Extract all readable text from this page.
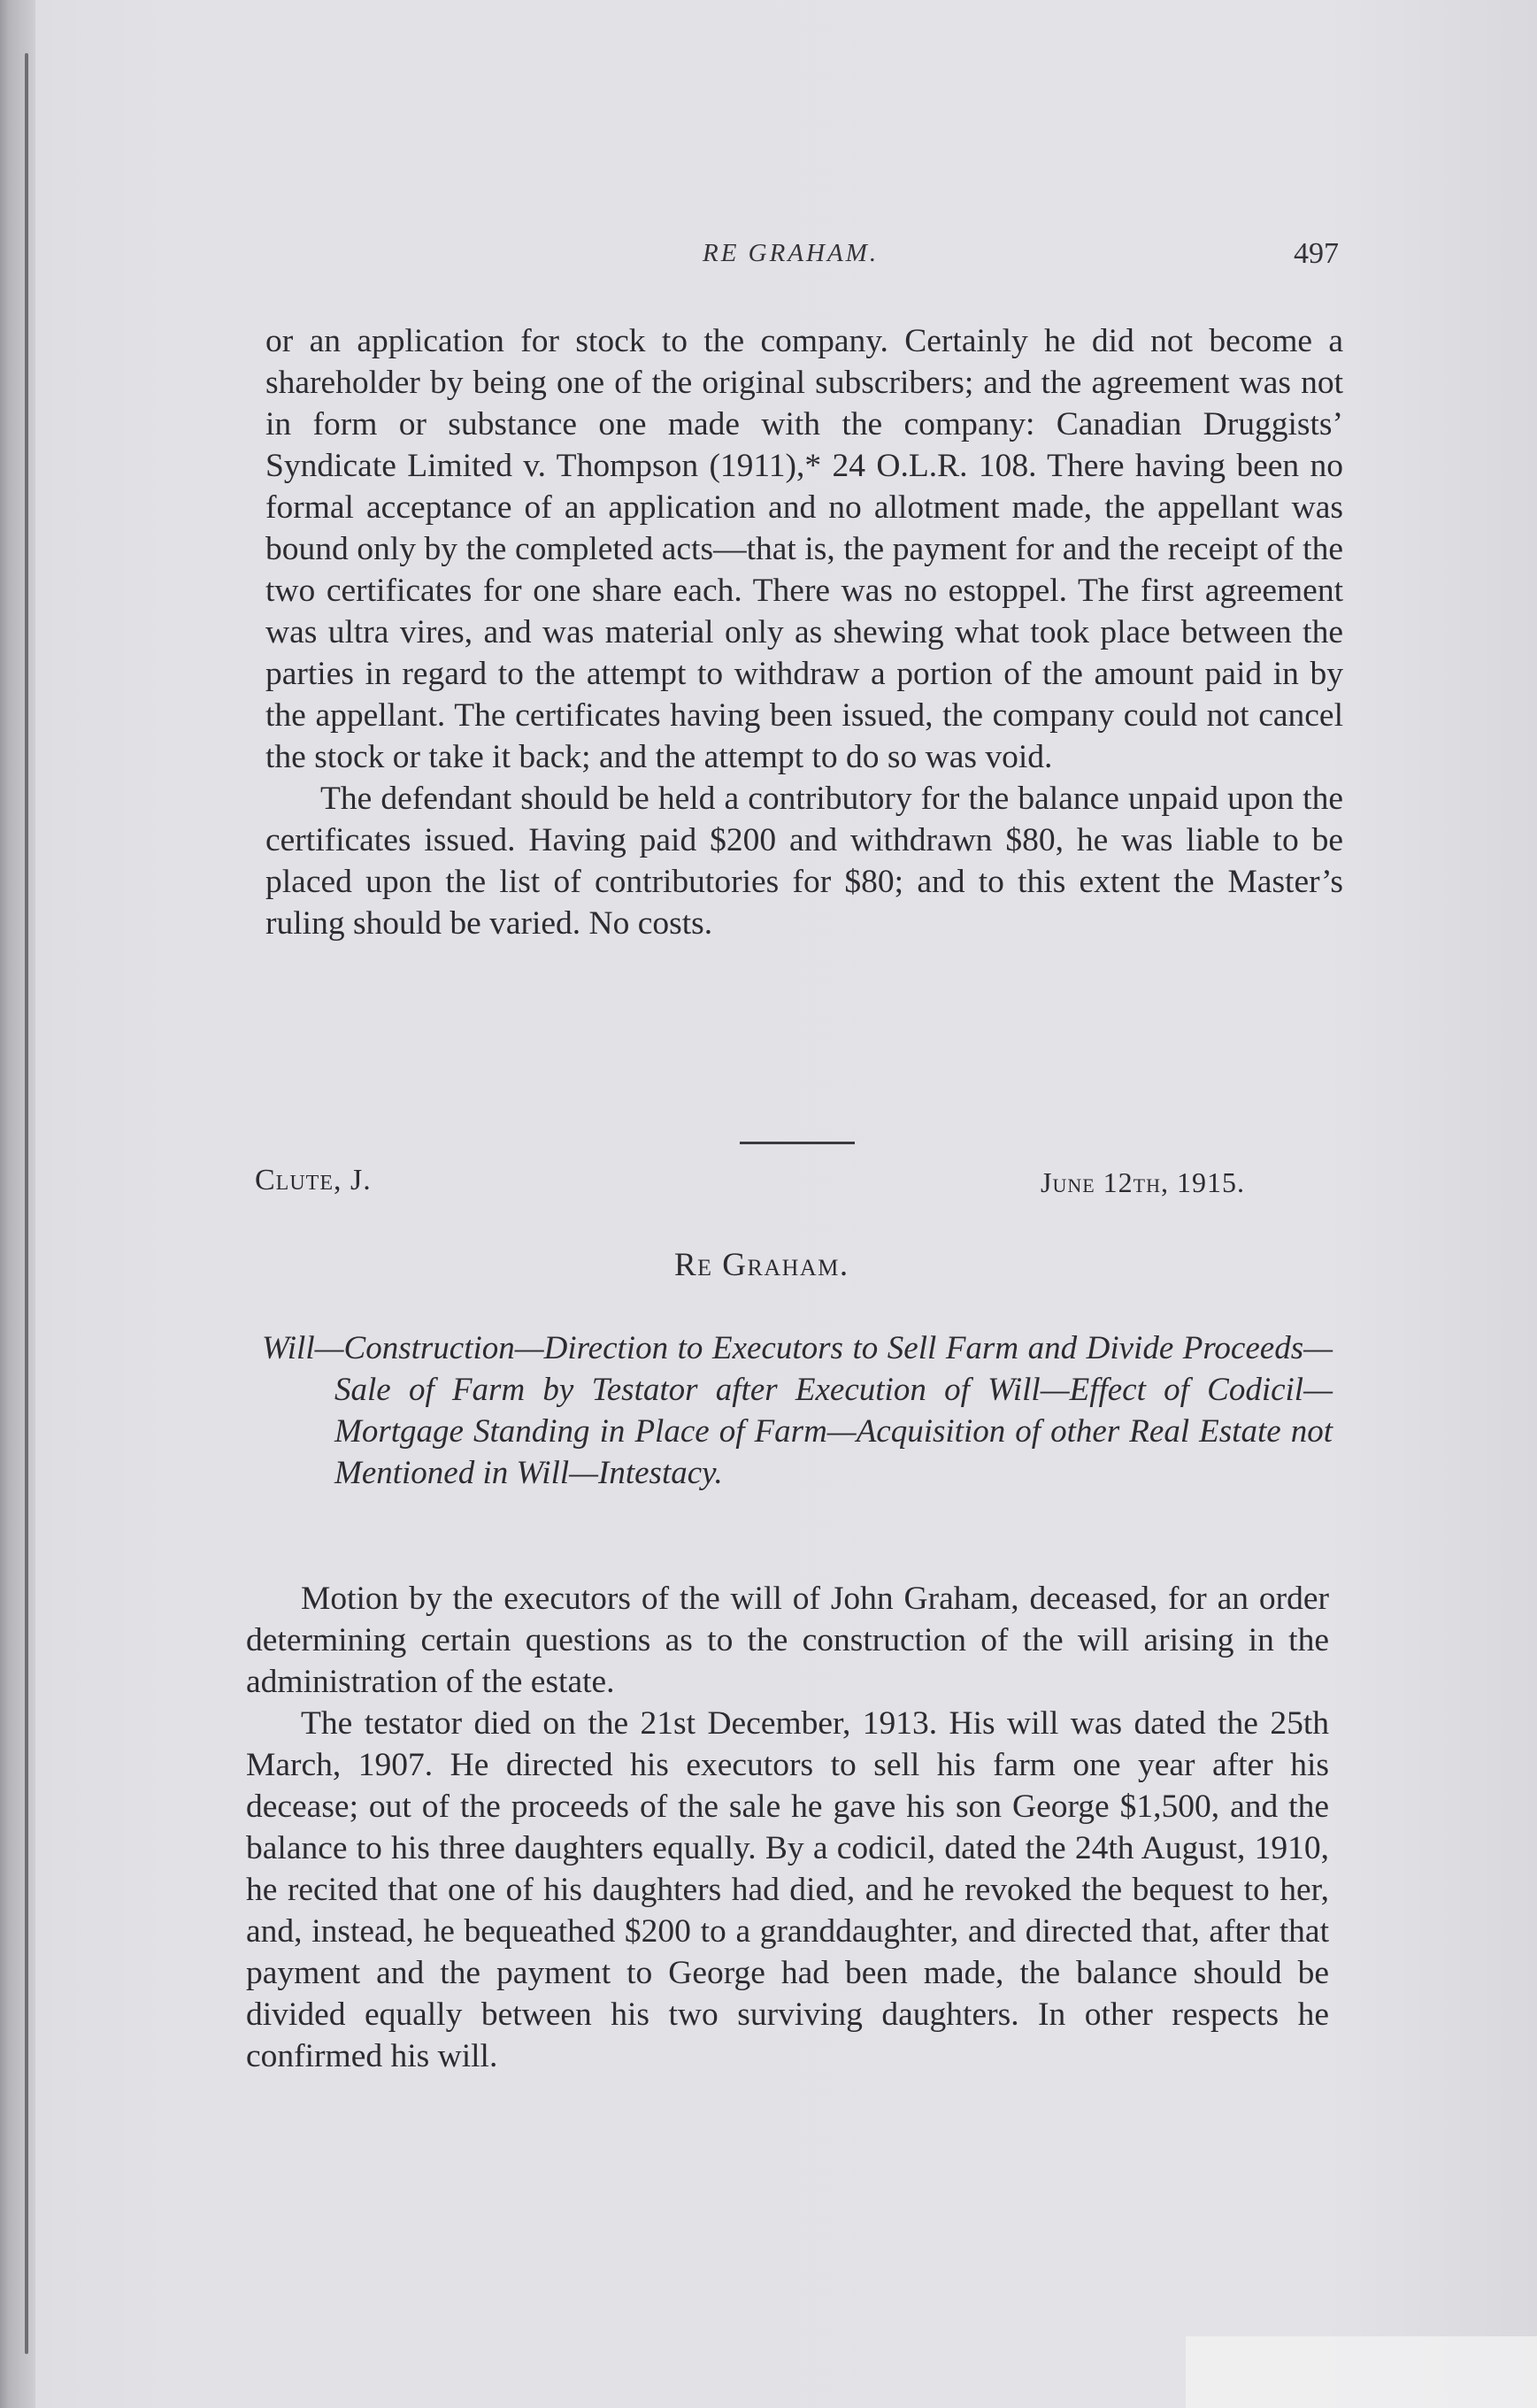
RE GRAHAM.	497

or an application for stock to the company. Certainly he did not become a shareholder by being one of the original subscribers; and the agreement was not in form or substance one made with the company: Canadian Druggists’ Syndicate Limited v. Thompson (1911),* 24 O.L.R. 108. There having been no formal acceptance of an application and no allotment made, the appellant was bound only by the completed acts—that is, the payment for and the receipt of the two certificates for one share each. There was no estoppel. The first agreement was ultra vires, and was material only as shewing what took place between the parties in regard to the attempt to withdraw a portion of the amount paid in by the appellant. The certificates having been issued, the company could not cancel the stock or take it back; and the attempt to do so was void.

The defendant should be held a contributory for the balance unpaid upon the certificates issued. Having paid $200 and withdrawn $80, he was liable to be placed upon the list of contributories for $80; and to this extent the Master’s ruling should be varied. No costs.

Clute, J.	June 12th, 1915.
Re Graham.
Will—Construction—Direction to Executors to Sell Farm and Divide Proceeds—Sale of Farm by Testator after Execution of Will—Effect of Codicil—Mortgage Standing in Place of Farm—Acquisition of other Real Estate not Mentioned in Will—Intestacy.

Motion by the executors of the will of John Graham, deceased, for an order determining certain questions as to the construction of the will arising in the administration of the estate.

The testator died on the 21st December, 1913. His will was dated the 25th March, 1907. He directed his executors to sell his farm one year after his decease; out of the proceeds of the sale he gave his son George $1,500, and the balance to his three daughters equally. By a codicil, dated the 24th August, 1910, he recited that one of his daughters had died, and he revoked the bequest to her, and, instead, he bequeathed $200 to a granddaughter, and directed that, after that payment and the payment to George had been made, the balance should be divided equally between his two surviving daughters. In other respects he confirmed his will.
